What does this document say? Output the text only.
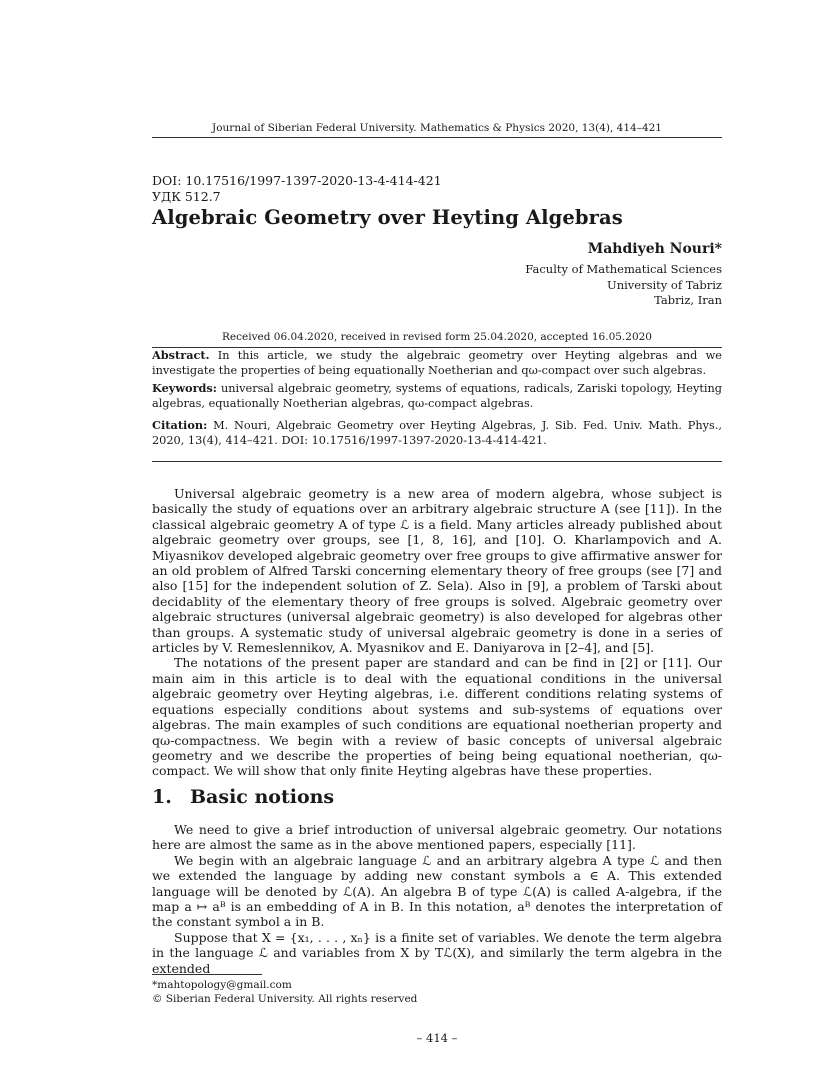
Journal of Siberian Federal University. Mathematics & Physics 2020, 13(4), 414–421
DOI: 10.17516/1997-1397-2020-13-4-414-421
УДК 512.7
Algebraic Geometry over Heyting Algebras
Mahdiyeh Nouri*
Faculty of Mathematical Sciences
University of Tabriz
Tabriz, Iran
Received 06.04.2020, received in revised form 25.04.2020, accepted 16.05.2020
Abstract. In this article, we study the algebraic geometry over Heyting algebras and we investigate the properties of being equationally Noetherian and qω-compact over such algebras.
Keywords: universal algebraic geometry, systems of equations, radicals, Zariski topology, Heyting algebras, equationally Noetherian algebras, qω-compact algebras.
Citation: M. Nouri, Algebraic Geometry over Heyting Algebras, J. Sib. Fed. Univ. Math. Phys., 2020, 13(4), 414–421. DOI: 10.17516/1997-1397-2020-13-4-414-421.

Universal algebraic geometry is a new area of modern algebra, whose subject is basically the study of equations over an arbitrary algebraic structure A (see [11]). In the classical algebraic geometry A of type ℒ is a field. Many articles already published about algebraic geometry over groups, see [1, 8, 16], and [10]. O. Kharlampovich and A. Miyasnikov developed algebraic geometry over free groups to give affirmative answer for an old problem of Alfred Tarski concerning elementary theory of free groups (see [7] and also [15] for the independent solution of Z. Sela). Also in [9], a problem of Tarski about decidablity of the elementary theory of free groups is solved. Algebraic geometry over algebraic structures (universal algebraic geometry) is also developed for algebras other than groups. A systematic study of universal algebraic geometry is done in a series of articles by V. Remeslennikov, A. Myasnikov and E. Daniyarova in [2–4], and [5].

The notations of the present paper are standard and can be find in [2] or [11]. Our main aim in this article is to deal with the equational conditions in the universal algebraic geometry over Heyting algebras, i.e. different conditions relating systems of equations especially conditions about systems and sub-systems of equations over algebras. The main examples of such conditions are equational noetherian property and qω-compactness. We begin with a review of basic concepts of universal algebraic geometry and we describe the properties of being being equational noetherian, qω-compact. We will show that only finite Heyting algebras have these properties.

1. Basic notions

We need to give a brief introduction of universal algebraic geometry. Our notations here are almost the same as in the above mentioned papers, especially [11].

We begin with an algebraic language ℒ and an arbitrary algebra A type ℒ and then we extended the language by adding new constant symbols a ∈ A. This extended language will be denoted by ℒ(A). An algebra B of type ℒ(A) is called A-algebra, if the map a ↦ aᴮ is an embedding of A in B. In this notation, aᴮ denotes the interpretation of the constant symbol a in B.

Suppose that X = {x₁, . . . , xₙ} is a finite set of variables. We denote the term algebra in the language ℒ and variables from X by Tℒ(X), and similarly the term algebra in the extended

*mahtopology@gmail.com
© Siberian Federal University. All rights reserved
– 414 –
